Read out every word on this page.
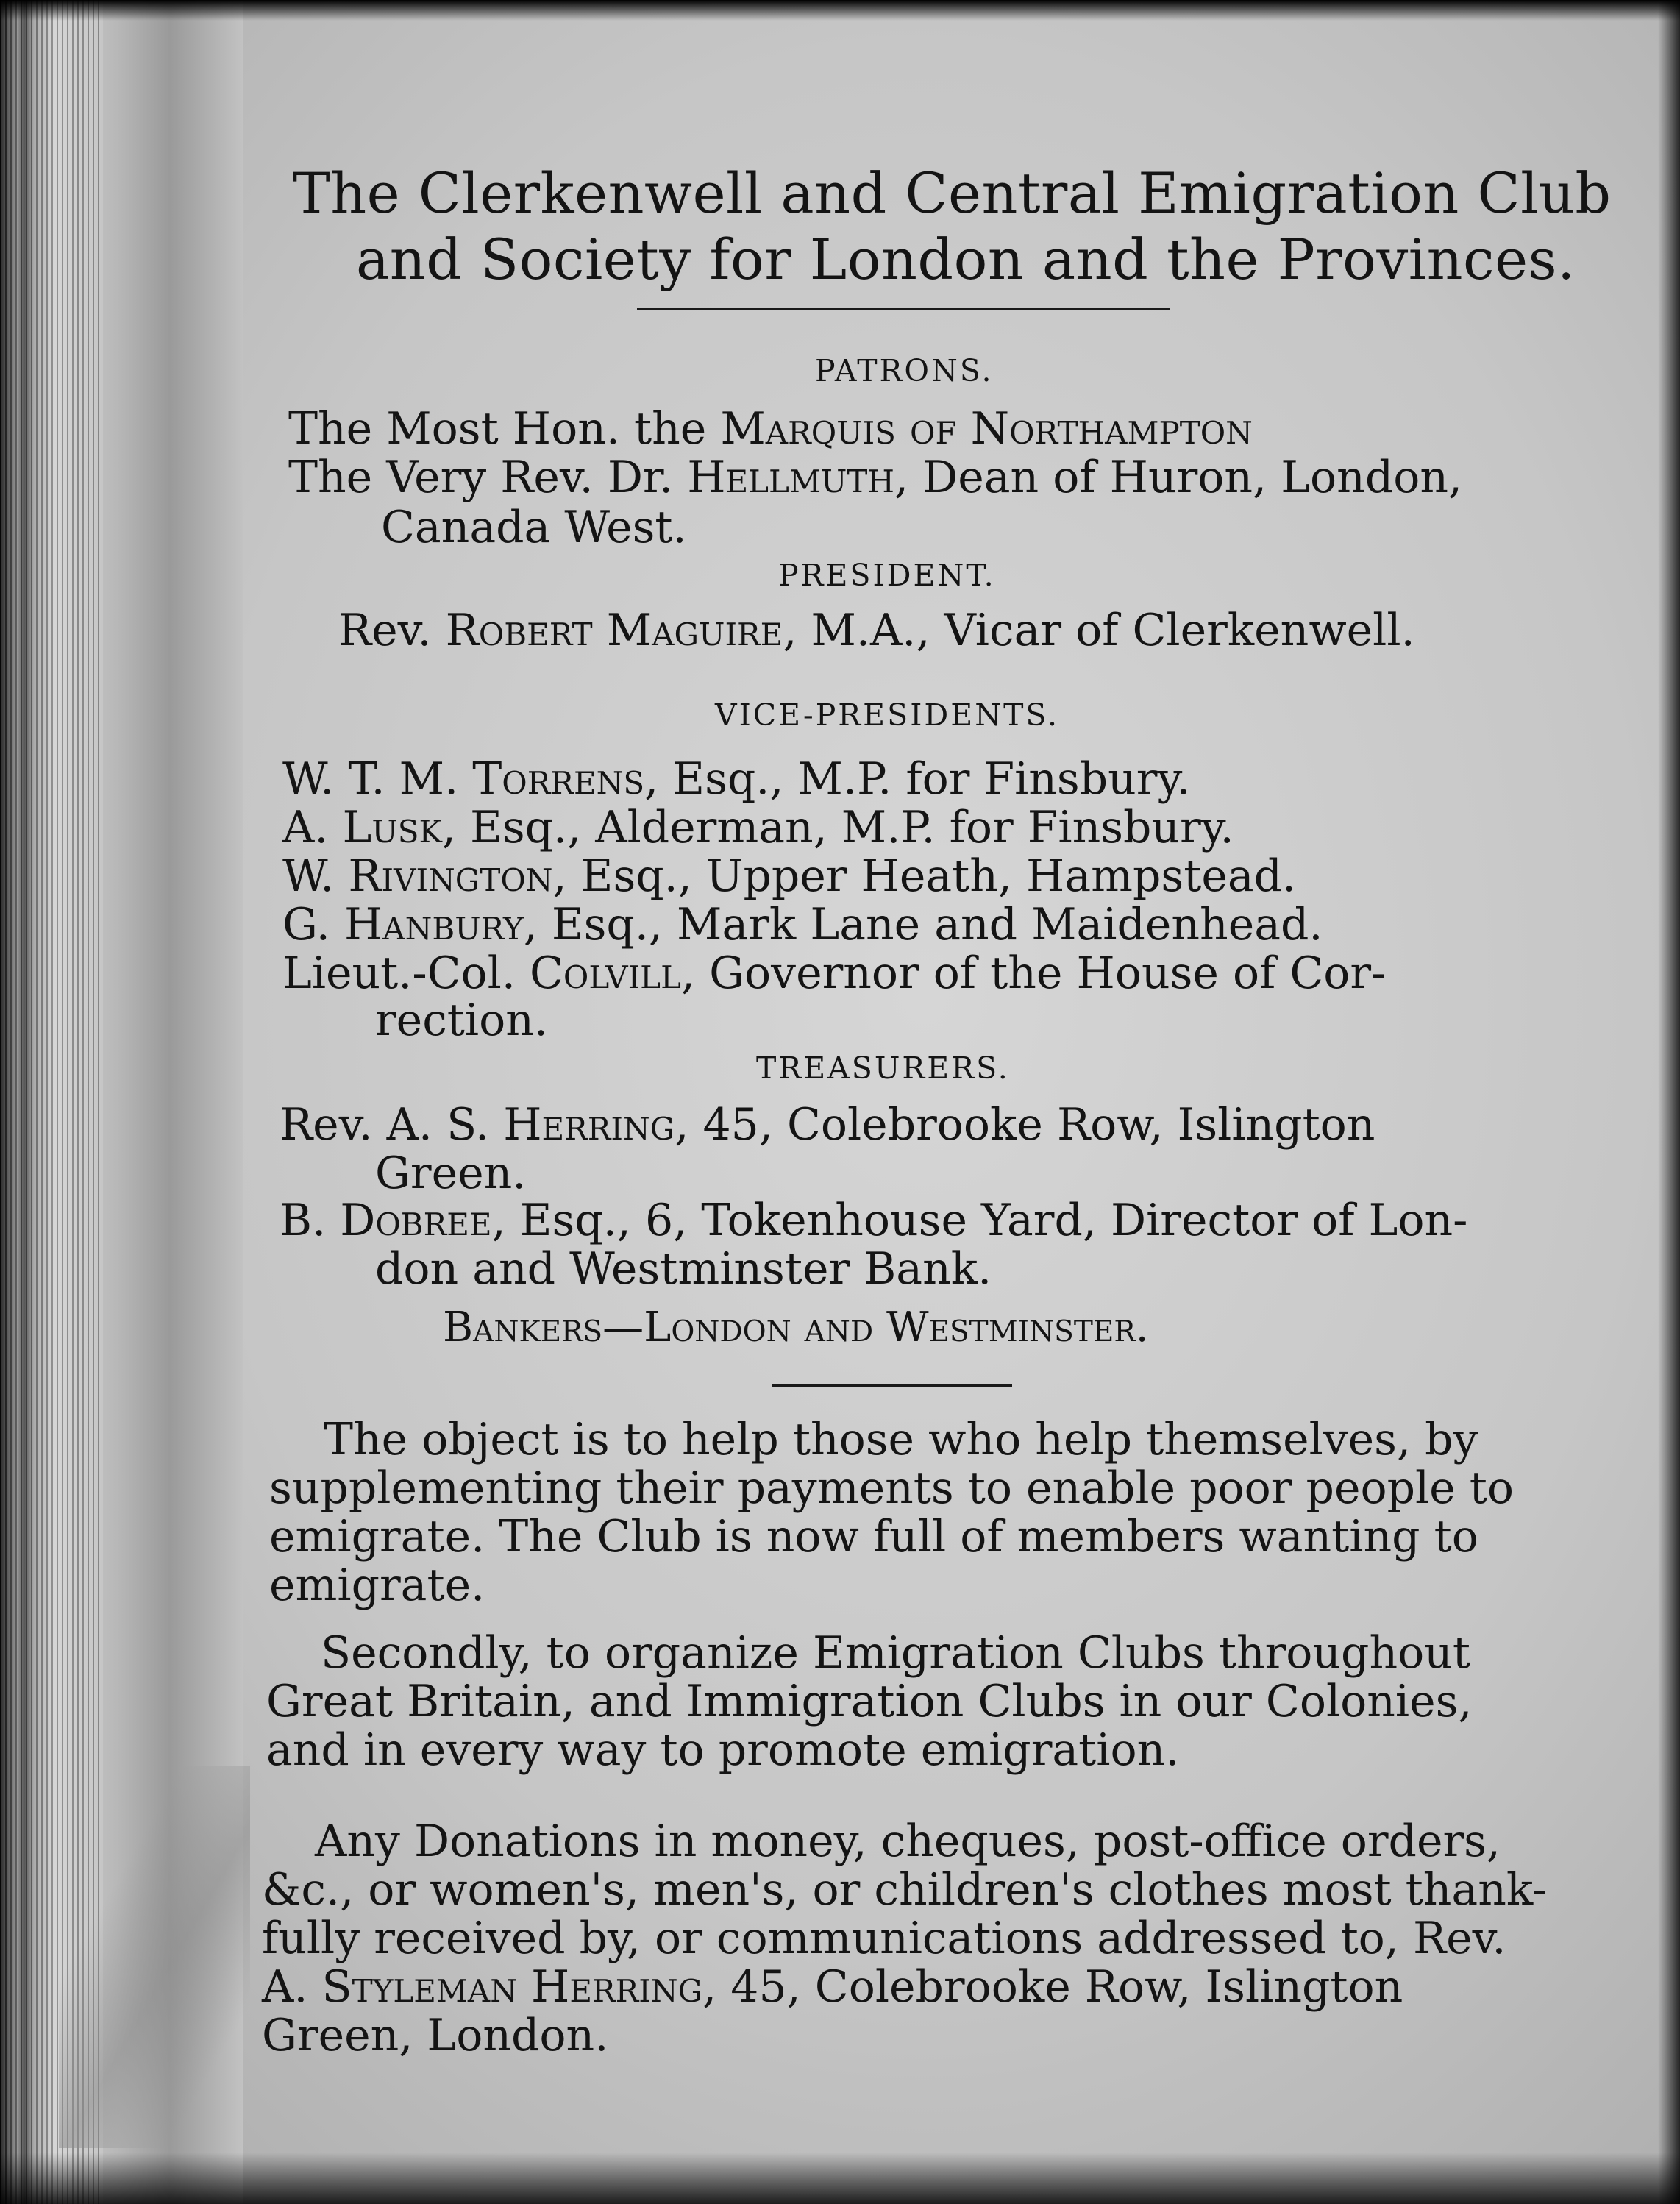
The Clerkenwell and Central Emigration Club
and Society for London and the Provinces.
PATRONS.
The Most Hon. the Marquis of Northampton
The Very Rev. Dr. Hellmuth, Dean of Huron, London,
Canada West.
PRESIDENT.
Rev. Robert Maguire, M.A., Vicar of Clerkenwell.
VICE-PRESIDENTS.
W. T. M. Torrens, Esq., M.P. for Finsbury.
A. Lusk, Esq., Alderman, M.P. for Finsbury.
W. Rivington, Esq., Upper Heath, Hampstead.
G. Hanbury, Esq., Mark Lane and Maidenhead.
Lieut.-Col. Colvill, Governor of the House of Cor-
rection.
TREASURERS.
Rev. A. S. Herring, 45, Colebrooke Row, Islington
Green.
B. Dobree, Esq., 6, Tokenhouse Yard, Director of Lon-
don and Westminster Bank.
Bankers—London and Westminster.
The object is to help those who help themselves, by
supplementing their payments to enable poor people to
emigrate. The Club is now full of members wanting to
emigrate.
Secondly, to organize Emigration Clubs throughout
Great Britain, and Immigration Clubs in our Colonies,
and in every way to promote emigration.
Any Donations in money, cheques, post-office orders,
&c., or women's, men's, or children's clothes most thank-
fully received by, or communications addressed to, Rev.
A. Styleman Herring, 45, Colebrooke Row, Islington
Green, London.
